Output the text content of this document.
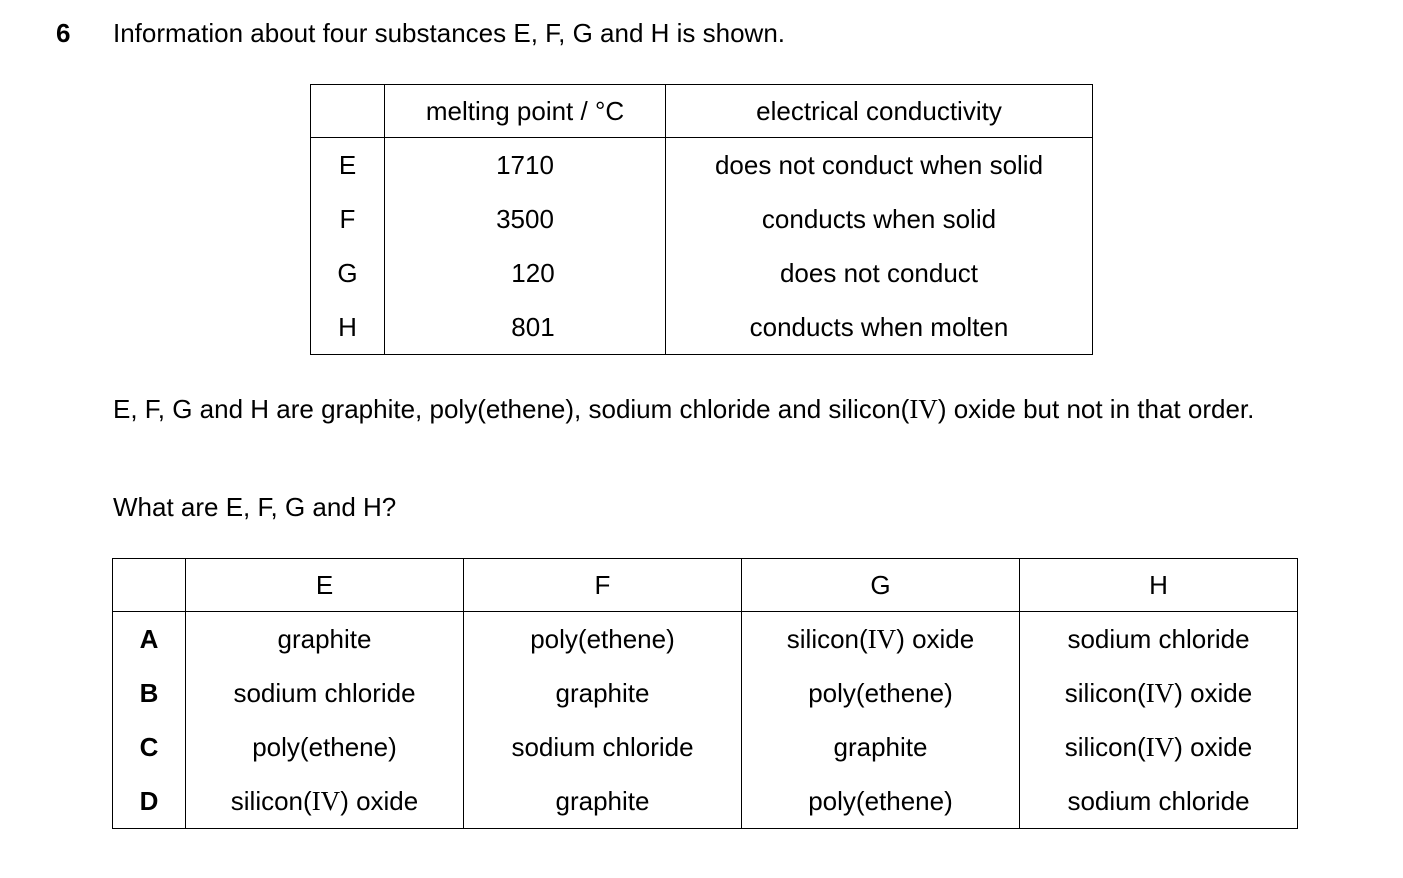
6 Information about four substances E, F, G and H is shown.
	melting point / °C	electrical conductivity
E	1710	does not conduct when solid
F	3500	conducts when solid
G	120	does not conduct
H	801	conducts when molten
E, F, G and H are graphite, poly(ethene), sodium chloride and silicon(IV) oxide but not in that order.
What are E, F, G and H?
	E	F	G	H
A	graphite	poly(ethene)	silicon(IV) oxide	sodium chloride
B	sodium chloride	graphite	poly(ethene)	silicon(IV) oxide
C	poly(ethene)	sodium chloride	graphite	silicon(IV) oxide
D	silicon(IV) oxide	graphite	poly(ethene)	sodium chloride
